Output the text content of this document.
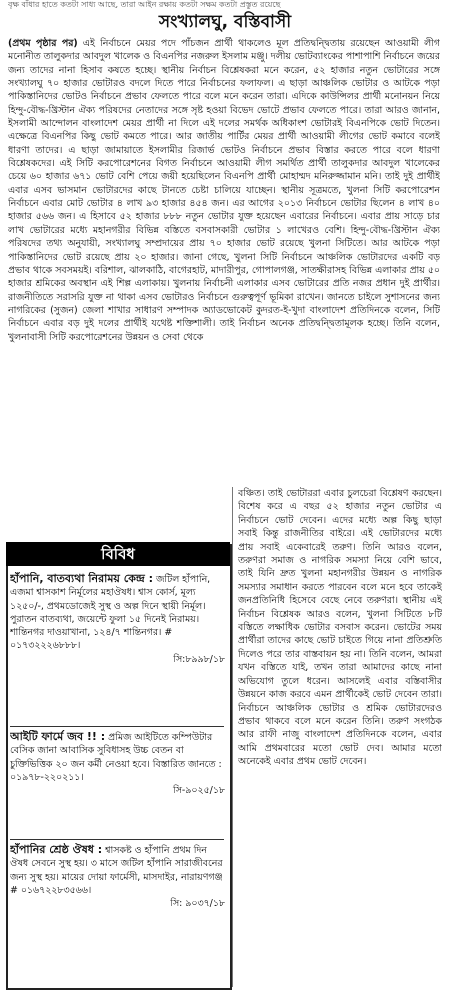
বৃক্ষ বাঁধার হাতে কতটা সাধ্য আছে, তারা আইন রক্ষায় কতটা সক্ষম কতটা প্রস্তুত রয়েছে
সংখ্যালঘু, বস্তিবাসী

(প্রথম পৃষ্ঠার পর) এই নির্বাচনে মেয়র পদে পাঁচজন প্রার্থী থাকলেও মূল প্রতিদ্বন্দ্বিতায় রয়েছেন আওয়ামী লীগ মনোনীত তালুকদার আবদুল খালেক ও বিএনপির নজরুল ইসলাম মঞ্জু। দলীয় ভোটব্যাংকের পাশাপাশি নির্বাচনে জয়ের জন্য তাদের নানা হিসাব কষতে হচ্ছে। স্থানীয় নির্বাচন বিশ্লেষকরা মনে করেন, ৫২ হাজার নতুন ভোটারের সঙ্গে সংখ্যালঘু ৭০ হাজার ভোটারও বদলে দিতে পারে নির্বাচনের ফলাফল। এ ছাড়া আঞ্চলিক ভোটার ও আটকে পড়া পাকিস্তানিদের ভোটও নির্বাচনে প্রভাব ফেলতে পারে বলে মনে করেন তারা। এদিকে কাউন্সিলর প্রার্থী মনোনয়ন নিয়ে হিন্দু-বৌদ্ধ-খ্রিস্টান ঐক্য পরিষদের নেতাদের সঙ্গে সৃষ্ট হওয়া বিভেদ ভোটে প্রভাব ফেলতে পারে। তারা আরও জানান, ইসলামী আন্দোলন বাংলাদেশ মেয়র প্রার্থী না দিলে এই দলের সমর্থক অধিকাংশ ভোটারই বিএনপিকে ভোট দিতেন। এক্ষেত্রে বিএনপির কিছু ভোট কমতে পারে। আর জাতীয় পার্টির মেয়র প্রার্থী আওয়ামী লীগের ভোট কমাবে বলেই ধারণা তাদের। এ ছাড়া জামায়াতে ইসলামীর রিজার্ভ ভোটও নির্বাচনে প্রভাব বিস্তার করতে পারে বলে ধারণা বিশ্লেষকদের। এই সিটি করপোরেশনের বিগত নির্বাচনে আওয়ামী লীগ সমর্থিত প্রার্থী তালুকদার আবদুল খালেকের চেয়ে ৬০ হাজার ৬৭১ ভোট বেশি পেয়ে জয়ী হয়েছিলেন বিএনপি প্রার্থী মোহাম্মদ মনিরুজ্জামান মনি। তাই দুই প্রার্থীই এবার এসব ভাসমান ভোটারদের কাছে টানতে চেষ্টা চালিয়ে যাচ্ছেন। স্থানীয় সূত্রমতে, খুলনা সিটি করপোরেশন নির্বাচনে এবার মোট ভোটার ৪ লাখ ৯৩ হাজার ৪৫৪ জন। এর আগের ২০১৩ নির্বাচনে ভোটার ছিলেন ৪ লাখ ৪০ হাজার ৫৬৬ জন। এ হিসাবে ৫২ হাজার ৮৮৮ নতুন ভোটার যুক্ত হয়েছেন এবারের নির্বাচনে। এবার প্রায় সাড়ে চার লাখ ভোটারের মধ্যে মহানগরীর বিভিন্ন বস্তিতে বসবাসকারী ভোটার ১ লাখেরও বেশি। হিন্দু-বৌদ্ধ-খ্রিস্টান ঐক্য পরিষদের তথ্য অনুযায়ী, সংখ্যালঘু সম্প্রদায়ের প্রায় ৭০ হাজার ভোট রয়েছে খুলনা সিটিতে। আর আটকে পড়া পাকিস্তানিদের ভোট রয়েছে প্রায় ২০ হাজার। জানা গেছে, খুলনা সিটি নির্বাচনে আঞ্চলিক ভোটারদের একটি বড় প্রভাব থাকে সবসময়ই। বরিশাল, ঝালকাঠি, বাগেরহাট, মাদারীপুর, গোপালগঞ্জ, সাতক্ষীরাসহ বিভিন্ন এলাকার প্রায় ৫০ হাজার শ্রমিকের অবস্থান এই শিল্প এলাকায়। খুলনায় নির্বাচনী এলাকার এসব ভোটারের প্রতি নজর প্রধান দুই প্রার্থীর। রাজনীতিতে সরাসরি যুক্ত না থাকা এসব ভোটারও নির্বাচনে গুরুত্বপূর্ণ ভূমিকা রাখেন। জানতে চাইলে সুশাসনের জন্য নাগরিকের (সুজন) জেলা শাখার সাধারণ সম্পাদক অ্যাডভোকেট কুদরত-ই-খুদা বাংলাদেশ প্রতিদিনকে বলেন, সিটি নির্বাচনে এবার বড় দুই দলের প্রার্থীই যথেষ্ট শক্তিশালী। তাই নির্বাচন অনেক প্রতিদ্বন্দ্বিতামূলক হচ্ছে। তিনি বলেন, খুলনাবাসী সিটি করপোরেশনের উন্নয়ন ও সেবা থেকে

বঞ্চিত। তাই ভোটাররা এবার চুলচেরা বিশ্লেষণ করছেন। বিশেষ করে এ বছর ৫২ হাজার নতুন ভোটার এ নির্বাচনে ভোট দেবেন। এদের মধ্যে অল্প কিছু ছাড়া সবাই কিন্তু রাজনীতির বাইরে। এই ভোটারদের মধ্যে প্রায় সবাই একেবারেই তরুণ। তিনি আরও বলেন, তরুণরা সমাজ ও নাগরিক সমস্যা নিয়ে বেশি ভাবে, তাই যিনি দ্রুত খুলনা মহানগরীর উন্নয়ন ও নাগরিক সমস্যার সমাধান করতে পারবেন বলে মনে হবে তাকেই জনপ্রতিনিধি হিসেবে বেছে নেবে তরুণরা। স্থানীয় এই নির্বাচন বিশ্লেষক আরও বলেন, খুলনা সিটিতে ৮টি বস্তিতে লক্ষাধিক ভোটার বসবাস করেন। ভোটের সময় প্রার্থীরা তাদের কাছে ভোট চাইতে গিয়ে নানা প্রতিশ্রুতি দিলেও পরে তার বাস্তবায়ন হয় না। তিনি বলেন, আমরা যখন বস্তিতে যাই, তখন তারা আমাদের কাছে নানা অভিযোগ তুলে ধরেন। আসলেই এবার বস্তিবাসীর উন্নয়নে কাজ করবে এমন প্রার্থীকেই ভোট দেবেন তারা। নির্বাচনে আঞ্চলিক ভোটার ও শ্রমিক ভোটারদেরও প্রভাব থাকবে বলে মনে করেন তিনি। তরুণ সংগঠক আর রাফী নাজু বাংলাদেশ প্রতিদিনকে বলেন, এবার আমি প্রথমবারের মতো ভোট দেব। আমার মতো অনেকেই এবার প্রথম ভোট দেবেন।

বিবিধ
হাঁপানি, বাতব্যথা নিরাময় কেন্দ্র : জটিল হাঁপানি, এজমা শ্বাসকাশ নির্মূলের মহাঔষধ। শ্বাস কোর্স, মূল্য ১২৫০/-, প্রথমডোজেই সুস্থ ও অল্প দিনে স্থায়ী নির্মূল। পুরাতন বাতব্যথা, জয়েন্টে ফুলা ১৫ দিনেই নিরাময়। শান্তিনগর দাওয়াখানা, ১২৪/৭ শান্তিনগর। # ০১৭৩২২২৬৮৮৮।
সি:৮৯৯৮/১৮
আইটি ফার্মে জব !! : প্রমিজ আইটিতে কম্পিউটার বেসিক জানা আবাসিক সুবিধাসহ উচ্চ বেতন বা চুক্তিভিত্তিক ২০ জন কর্মী নেওয়া হবে। বিস্তারিত জানতে : ০১৯৭৮-২২০২১১।
সি-৯০২৫/১৮
হাঁপানির শ্রেষ্ঠ ঔষধ : শ্বাসকষ্ট ও হাঁপানি প্রথম দিন ঔষধ সেবনে সুস্থ হয়। ৩ মাসে জটিল হাঁপানি সারাজীবনের জন্য সুস্থ হয়। মায়ের দোয়া ফার্মেসী, মাসদাইর, নারায়ণগঞ্জ # ০১৬৭২২৮৩৫৬৬।
সি: ৯০৩৭/১৮
